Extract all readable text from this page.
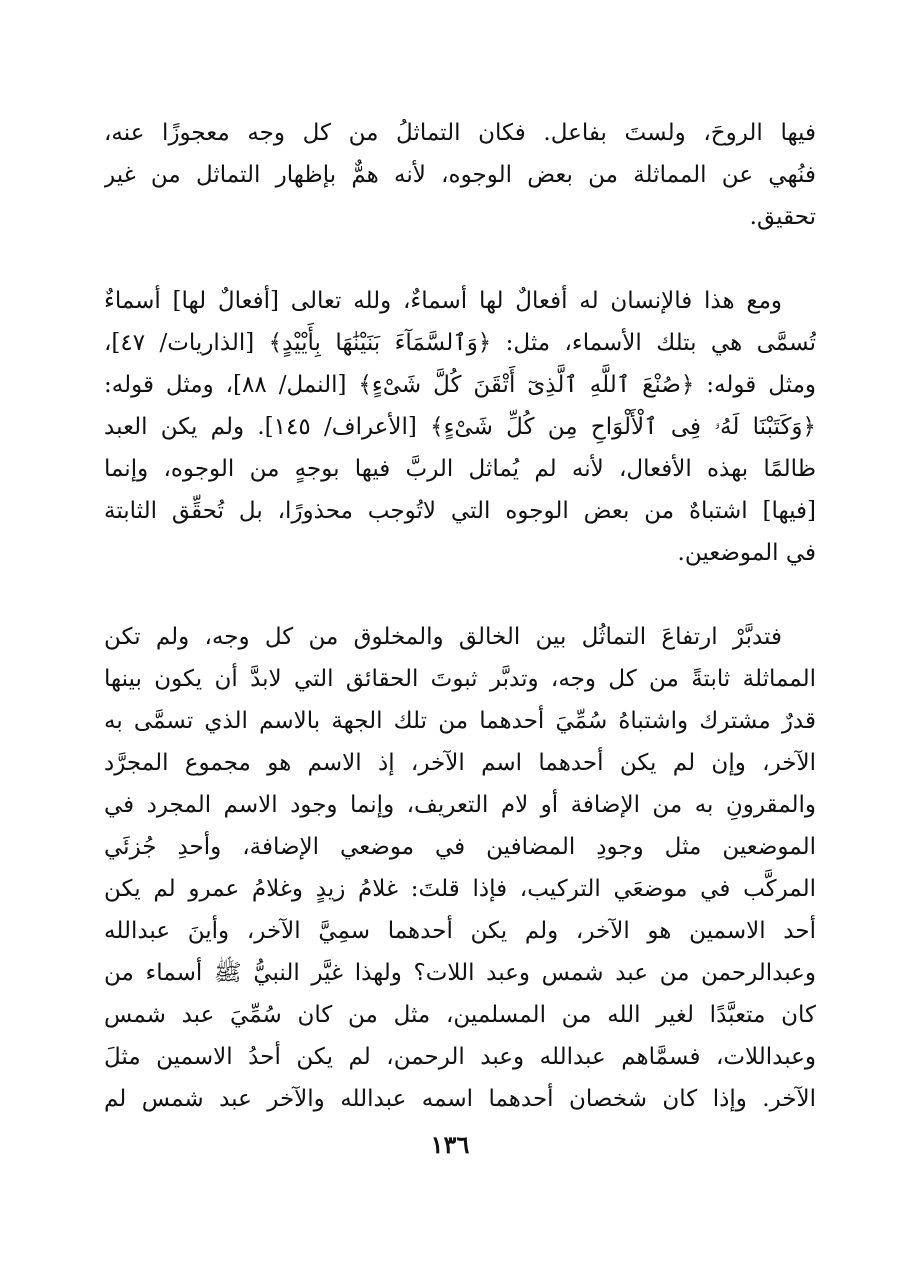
فيها الروحَ، ولستَ بفاعل. فكان التماثلُ من كل وجه معجوزًا عنه،
فنُهي عن المماثلة من بعض الوجوه، لأنه همٌّ بإظهار التماثل من غير
تحقيق.
ومع هذا فالإنسان له أفعالٌ لها أسماءٌ، ولله تعالى [أفعالٌ لها] أسماءٌ
تُسمَّى هي بتلك الأسماء، مثل: ﴿وَٱلسَّمَآءَ بَنَيْنَٰهَا بِأَيْيْدٍ﴾ [الذاريات/ ٤٧]،
ومثل قوله: ﴿صُنْعَ ٱللَّهِ ٱلَّذِىٓ أَتْقَنَ كُلَّ شَىْءٍ﴾ [النمل/ ٨٨]، ومثل قوله:
﴿وَكَتَبْنَا لَهُۥ فِى ٱلْأَلْوَاحِ مِن كُلِّ شَىْءٍ﴾ [الأعراف/ ١٤٥]. ولم يكن العبد
ظالمًا بهذه الأفعال، لأنه لم يُماثل الربَّ فيها بوجهٍ من الوجوه، وإنما
[فيها] اشتباهٌ من بعض الوجوه التي لاتُوجب محذورًا، بل تُحقِّق الثابتة
في الموضعين.
فتدبَّرْ ارتفاعَ التماثُل بين الخالق والمخلوق من كل وجه، ولم تكن
المماثلة ثابتةً من كل وجه، وتدبَّر ثبوتَ الحقائق التي لابدَّ أن يكون بينها
قدرٌ مشترك واشتباهُ سُمِّيَ أحدهما من تلك الجهة بالاسم الذي تسمَّى به
الآخر، وإن لم يكن أحدهما اسم الآخر، إذ الاسم هو مجموع المجرَّد
والمقرونِ به من الإضافة أو لام التعريف، وإنما وجود الاسم المجرد في
الموضعين مثل وجودِ المضافين في موضعي الإضافة، وأحدِ جُزئَي
المركَّب في موضعَي التركيب، فإذا قلتَ: غلامُ زيدٍ وغلامُ عمرو لم يكن
أحد الاسمين هو الآخر، ولم يكن أحدهما سمِيَّ الآخر، وأينَ عبدالله
وعبدالرحمن من عبد شمس وعبد اللات؟ ولهذا غيَّر النبيُّ ﷺ أسماء من
كان متعبَّدًا لغير الله من المسلمين، مثل من كان سُمِّيَ عبد شمس
وعبداللات، فسمَّاهم عبدالله وعبد الرحمن، لم يكن أحدُ الاسمين مثلَ
الآخر. وإذا كان شخصان أحدهما اسمه عبدالله والآخر عبد شمس لم
١٣٦
